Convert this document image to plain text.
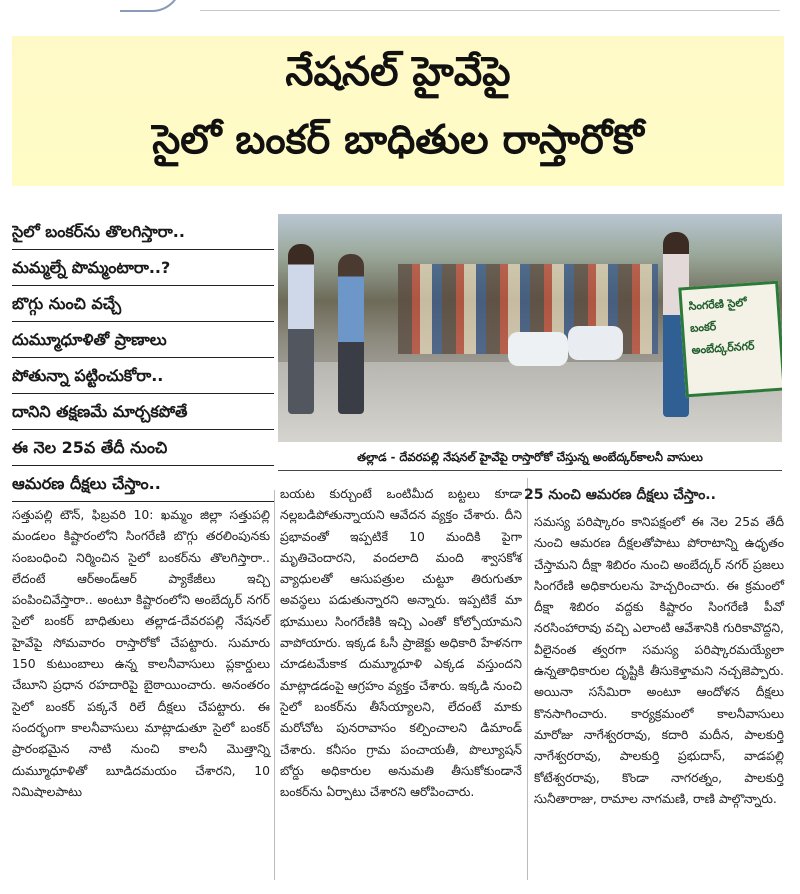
నేషనల్ హైవేపై
సైలో బంకర్ బాధితుల రాస్తారోకో
సైలో బంకర్‌ను తొలగిస్తారా..
మమ్మల్నే పొమ్మంటారా..?
బొగ్గు నుంచి వచ్చే
దుమ్మూధూళితో ప్రాణాలు
పోతున్నా పట్టించుకోరా..
దానిని తక్షణమే మార్చకపోతే
ఈ నెల 25వ తేదీ నుంచి
ఆమరణ దీక్షలు చేస్తాం..
సింగరేణి సైలో బంకర్ అంబేద్కర్‌నగర్
తల్లాడ - దేవరపల్లి నేషనల్ హైవేపై రాస్తారోకో చేస్తున్న అంబేద్కర్‌కాలనీ వాసులు

సత్తుపల్లి టౌన్, ఫిబ్రవరి 10: ఖమ్మం జిల్లా సత్తుపల్లి మండలం కిష్టారంలోని సింగరేణి బొగ్గు తరలింపునకు సంబంధించి నిర్మించిన సైలో బంకర్‌ను తొలగిస్తారా.. లేదంటే ఆర్‌అండ్‌ఆర్ ప్యాకేజీలు ఇచ్చి పంపించివేస్తారా.. అంటూ కిష్టారంలోని అంబేద్కర్ నగర్ సైలో బంకర్ బాధితులు తల్లాడ-దేవరపల్లి నేషనల్ హైవేపై సోమవారం రాస్తారోకో చేపట్టారు. సుమారు 150 కుటుంబాలు ఉన్న కాలనీవాసులు ప్లకార్డులు చేబూని ప్రధాన రహదారిపై బైఠాయించారు. అనంతరం సైలో బంకర్ పక్కనే రిలే దీక్షలు చేపట్టారు. ఈ సందర్భంగా కాలనీవాసులు మాట్లాడుతూ సైలో బంకర్ ప్రారంభమైన నాటి నుంచి కాలనీ మొత్తాన్ని దుమ్మూధూళితో బూడిదమయం చేశారని, 10 నిమిషాలపాటు

బయట కుర్చుంటే ఒంటిమీద బట్టలు కూడా నల్లబడిపోతున్నాయని ఆవేదన వ్యక్తం చేశారు. దీని ప్రభావంతో ఇప్పటికే 10 మందికి పైగా మృతిచెందారని, వందలాది మంది శ్వాసకోశ వ్యాధులతో ఆసుపత్రుల చుట్టూ తిరుగుతూ అవస్థలు పడుతున్నారని అన్నారు. ఇప్పటికే మా భూములు సింగరేణికి ఇచ్చి ఎంతో కోల్పోయామని వాపోయారు. ఇక్కడ ఓసీ ప్రాజెక్టు అధికారి హేళనగా చూడటమేకాక దుమ్మూధూళి ఎక్కడ వస్తుందని మాట్లాడడంపై ఆగ్రహం వ్యక్తం చేశారు. ఇక్కడి నుంచి సైలో బంకర్‌ను తీసేయ్యాలని, లేదంటే మాకు మరోచోట పునరావాసం కల్పించాలని డిమాండ్ చేశారు. కనీసం గ్రామ పంచాయతీ, పొల్యూషన్ బోర్డు అధికారుల అనుమతి తీసుకోకుండానే బంకర్‌ను ఏర్పాటు చేశారని ఆరోపించారు.

25 నుంచి ఆమరణ దీక్షలు చేస్తాం..

సమస్య పరిష్కారం కానిపక్షంలో ఈ నెల 25వ తేదీ నుంచి ఆమరణ దీక్షలతోపాటు పోరాటాన్ని ఉధృతం చేస్తామని దీక్షా శిబిరం నుంచి అంబేద్కర్ నగర్ ప్రజలు సింగరేణి అధికారులను హెచ్చరించారు. ఈ క్రమంలో దీక్షా శిబిరం వద్దకు కిష్టారం సింగరేణి పీవో నరసింహారావు వచ్చి ఎలాంటి ఆవేశానికి గురికావొద్దని, వీలైనంత త్వరగా సమస్య పరిష్కారమయ్యేలా ఉన్నతాధికారుల దృష్టికి తీసుకెళ్తామని నచ్చజెప్పారు. అయినా ససేమిరా అంటూ ఆందోళన దీక్షలు కొనసాగించారు. కార్యక్రమంలో కాలనీవాసులు మారోజు నాగేశ్వరరావు, కదారి మదీన, పాలకుర్తి నాగేశ్వరరావు, పాలకుర్తి ప్రభుదాస్, వాడపల్లి కోటేశ్వరరావు, కొండా నాగరత్నం, పాలకుర్తి సునీతారాజు, రామాల నాగమణి, రాణి పాల్గొన్నారు.
